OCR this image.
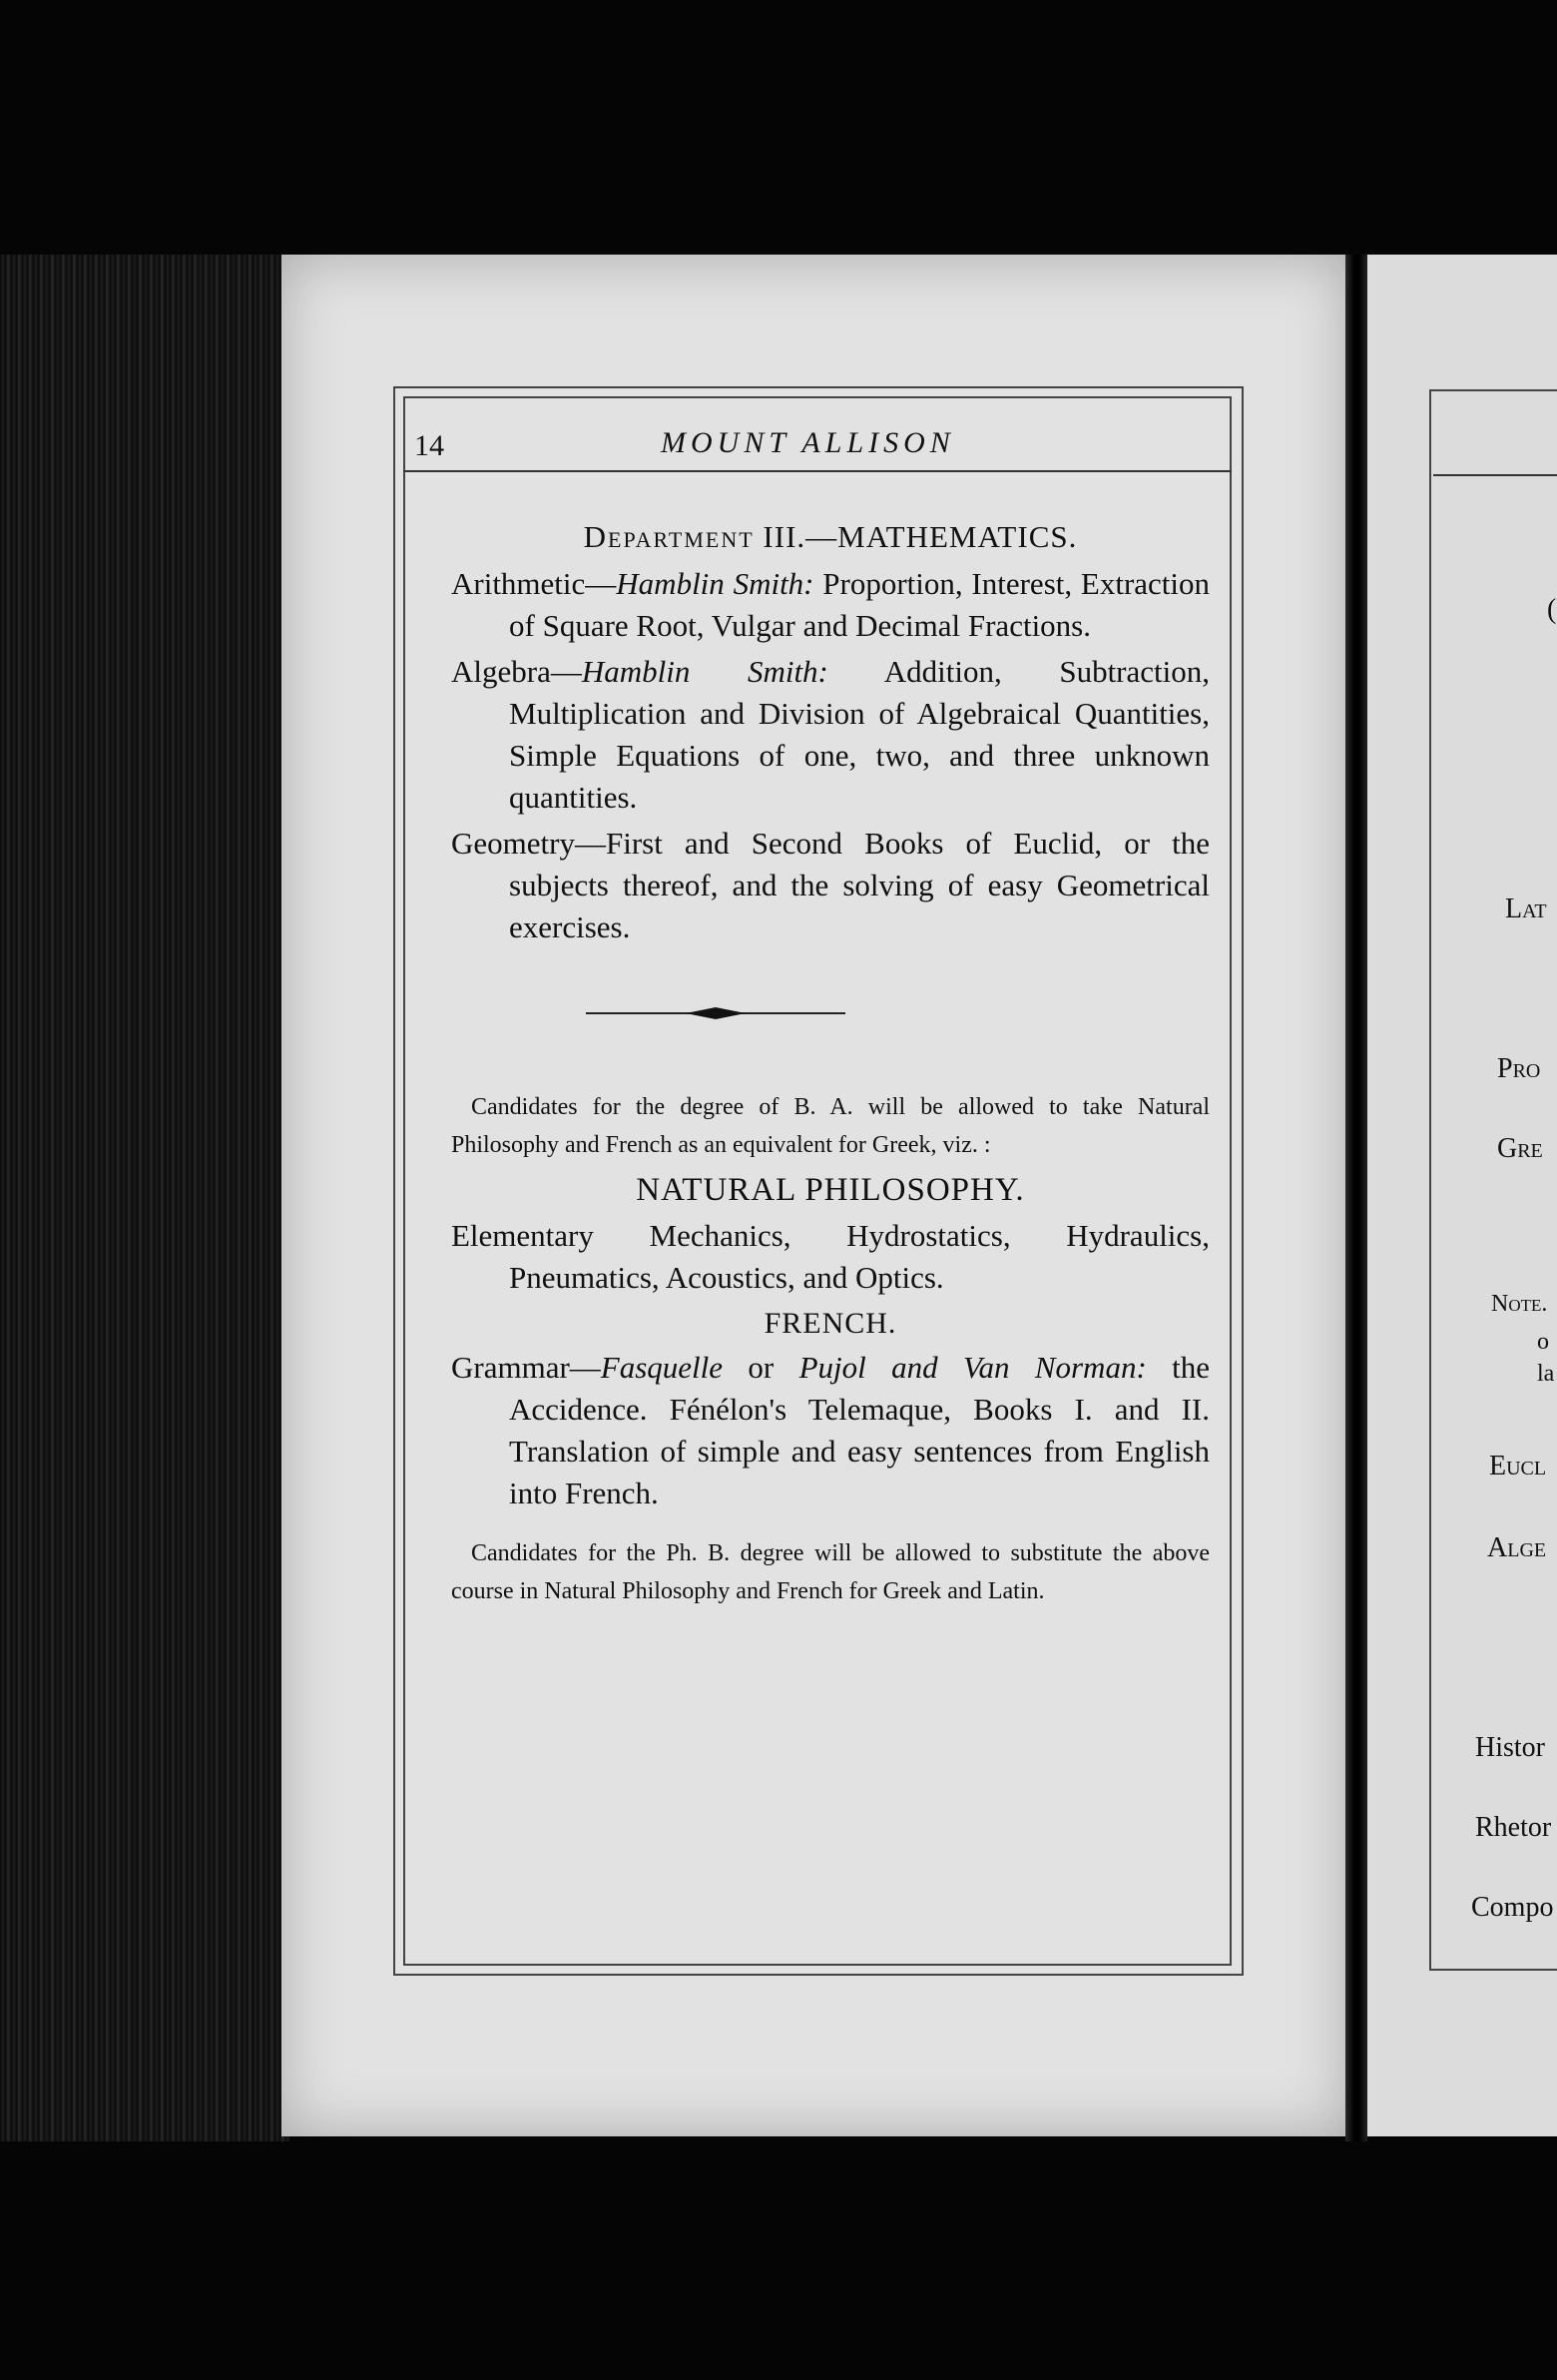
14	MOUNT ALLISON
Department III.—MATHEMATICS.

Arithmetic—Hamblin Smith: Proportion, Interest, Extraction of Square Root, Vulgar and Decimal Fractions.

Algebra—Hamblin Smith: Addition, Subtraction, Multiplication and Division of Algebraical Quantities, Simple Equations of one, two, and three unknown quantities.

Geometry—First and Second Books of Euclid, or the subjects thereof, and the solving of easy Geometrical exercises.

Candidates for the degree of B. A. will be allowed to take Natural Philosophy and French as an equivalent for Greek, viz. :

NATURAL PHILOSOPHY.

Elementary Mechanics, Hydrostatics, Hydraulics, Pneumatics, Acoustics, and Optics.

FRENCH.

Grammar—Fasquelle or Pujol and Van Norman: the Accidence. Fénélon's Telemaque, Books I. and II. Translation of simple and easy sentences from English into French.

Candidates for the Ph. B. degree will be allowed to substitute the above course in Natural Philosophy and French for Greek and Latin.

(
Lat
Pro
Gre
Note.
o
la
Eucl
Alge
Histor
Rhetor
Compo
